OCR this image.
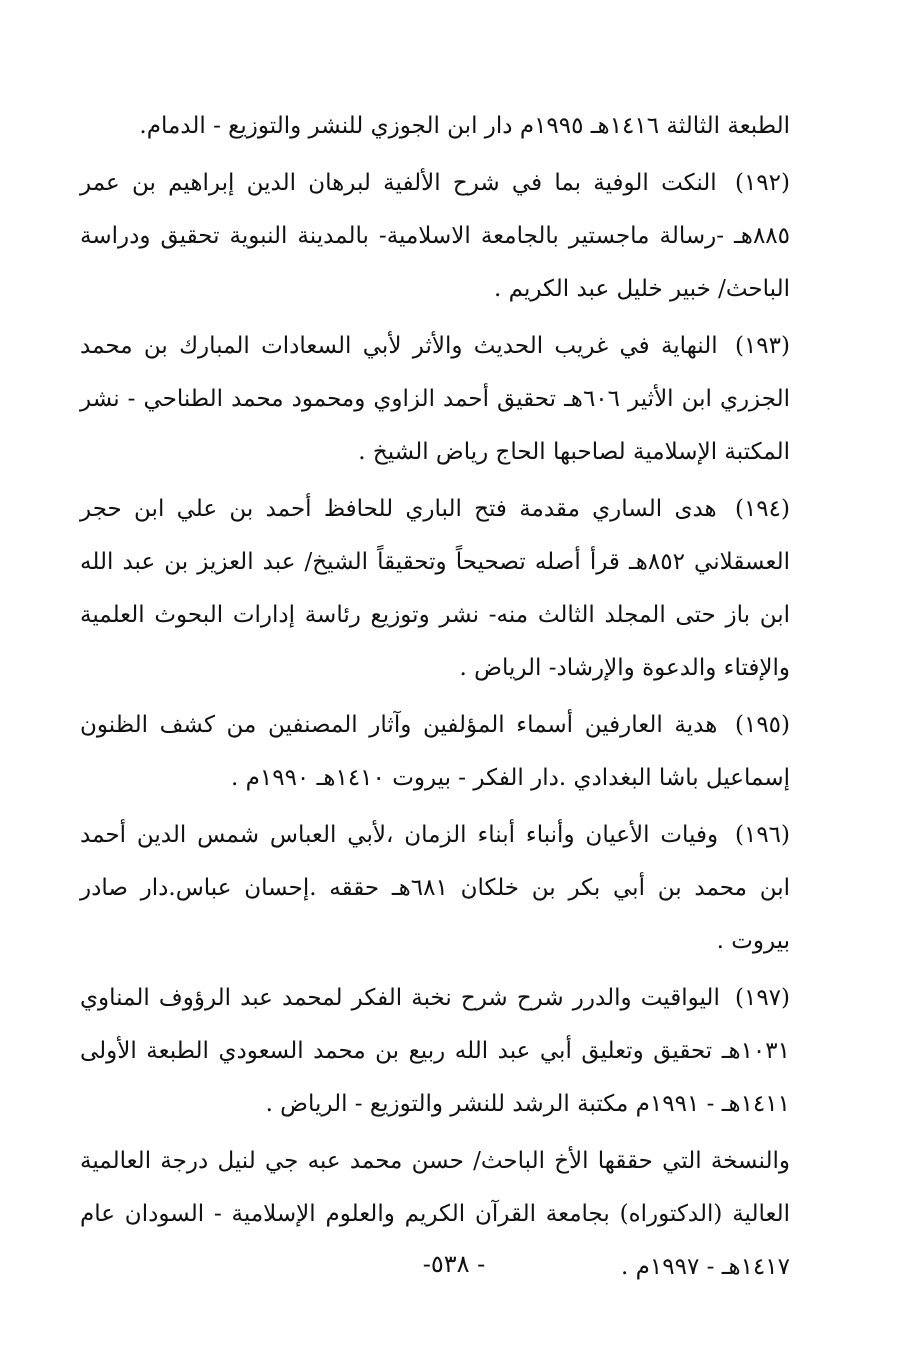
الطبعة الثالثة ١٤١٦هـ ١٩٩٥م دار ابن الجوزي للنشر والتوزيع - الدمام.

(١٩٢) النكت الوفية بما في شرح الألفية لبرهان الدين إبراهيم بن عمر ٨٨٥هـ -رسالة ماجستير بالجامعة الاسلامية- بالمدينة النبوية تحقيق ودراسة الباحث/ خبير خليل عبد الكريم .

(١٩٣) النهاية في غريب الحديث والأثر لأبي السعادات المبارك بن محمد الجزري ابن الأثير ٦٠٦هـ تحقيق أحمد الزاوي ومحمود محمد الطناحي - نشر المكتبة الإسلامية لصاحبها الحاج رياض الشيخ .

(١٩٤) هدى الساري مقدمة فتح الباري للحافظ أحمد بن علي ابن حجر العسقلاني ٨٥٢هـ قرأ أصله تصحيحاً وتحقيقاً الشيخ/ عبد العزيز بن عبد الله ابن باز حتى المجلد الثالث منه- نشر وتوزيع رئاسة إدارات البحوث العلمية والإفتاء والدعوة والإرشاد- الرياض .

(١٩٥) هدية العارفين أسماء المؤلفين وآثار المصنفين من كشف الظنون إسماعيل باشا البغدادي .دار الفكر - بيروت ١٤١٠هـ ١٩٩٠م .

(١٩٦) وفيات الأعيان وأنباء أبناء الزمان ،لأبي العباس شمس الدين أحمد ابن محمد بن أبي بكر بن خلكان ٦٨١هـ حققه .إحسان عباس.دار صادر بيروت .

(١٩٧) اليواقيت والدرر شرح شرح نخبة الفكر لمحمد عبد الرؤوف المناوي ١٠٣١هـ تحقيق وتعليق أبي عبد الله ربيع بن محمد السعودي الطبعة الأولى ١٤١١هـ - ١٩٩١م مكتبة الرشد للنشر والتوزيع - الرياض .

والنسخة التي حققها الأخ الباحث/ حسن محمد عبه جي لنيل درجة العالمية العالية (الدكتوراه) بجامعة القرآن الكريم والعلوم الإسلامية - السودان عام ١٤١٧هـ - ١٩٩٧م .

- ٥٣٨-
